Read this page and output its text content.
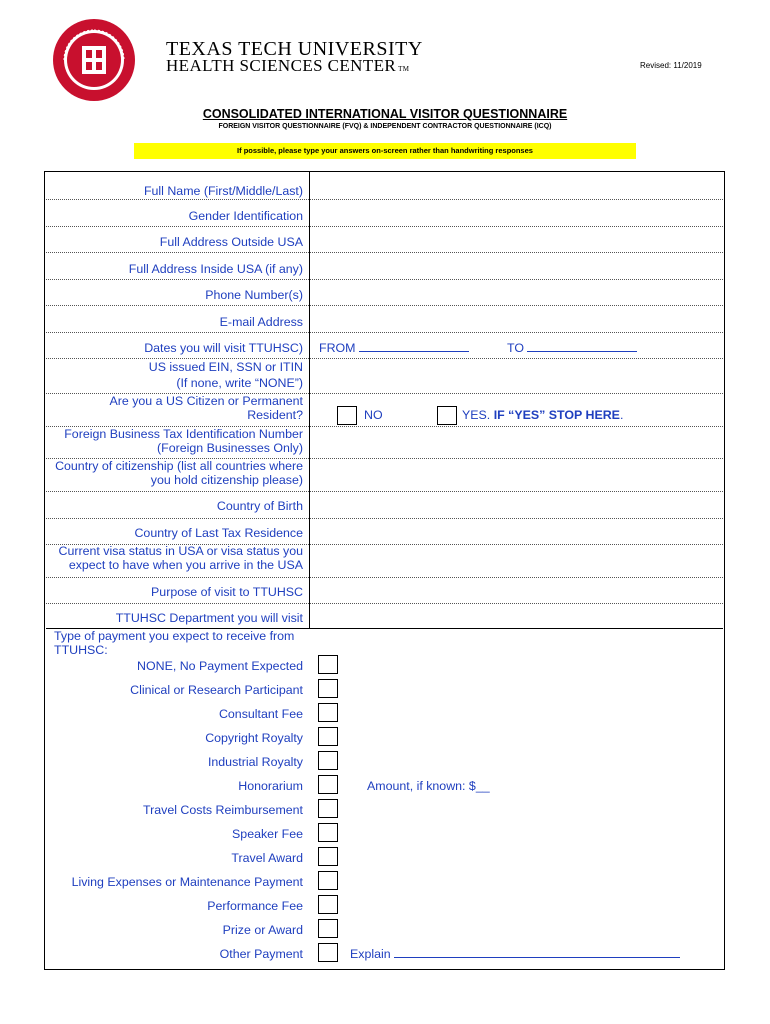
TEXAS TECH UNIVERSITY
HEALTH SCIENCES CENTER TM	Revised: 11/2019
CONSOLIDATED INTERNATIONAL VISITOR QUESTIONNAIRE
FOREIGN VISITOR QUESTIONNAIRE (FVQ) & INDEPENDENT CONTRACTOR QUESTIONNAIRE (ICQ)
If possible, please type your answers on-screen rather than handwriting responses
Full Name (First/Middle/Last)
Gender Identification
Full Address Outside USA
Full Address Inside USA (if any)
Phone Number(s)
E-mail Address
Dates you will visit TTUHSC) FROM	TO
US issued EIN, SSN or ITIN
(If none, write “NONE”)
Are you a US Citizen or Permanent
Resident?	NO	YES. IF “YES” STOP HERE.
Foreign Business Tax Identification Number
(Foreign Businesses Only)
Country of citizenship (list all countries where
you hold citizenship please)
Country of Birth
Country of Last Tax Residence
Current visa status in USA or visa status you
expect to have when you arrive in the USA
Purpose of visit to TTUHSC
TTUHSC Department you will visit
Type of payment you expect to receive from
TTUHSC:
NONE, No Payment Expected
Clinical or Research Participant
Consultant Fee
Copyright Royalty
Industrial Royalty
Honorarium	Amount, if known: $__
Travel Costs Reimbursement
Speaker Fee
Travel Award
Living Expenses or Maintenance Payment
Performance Fee
Prize or Award
Other Payment	Explain
